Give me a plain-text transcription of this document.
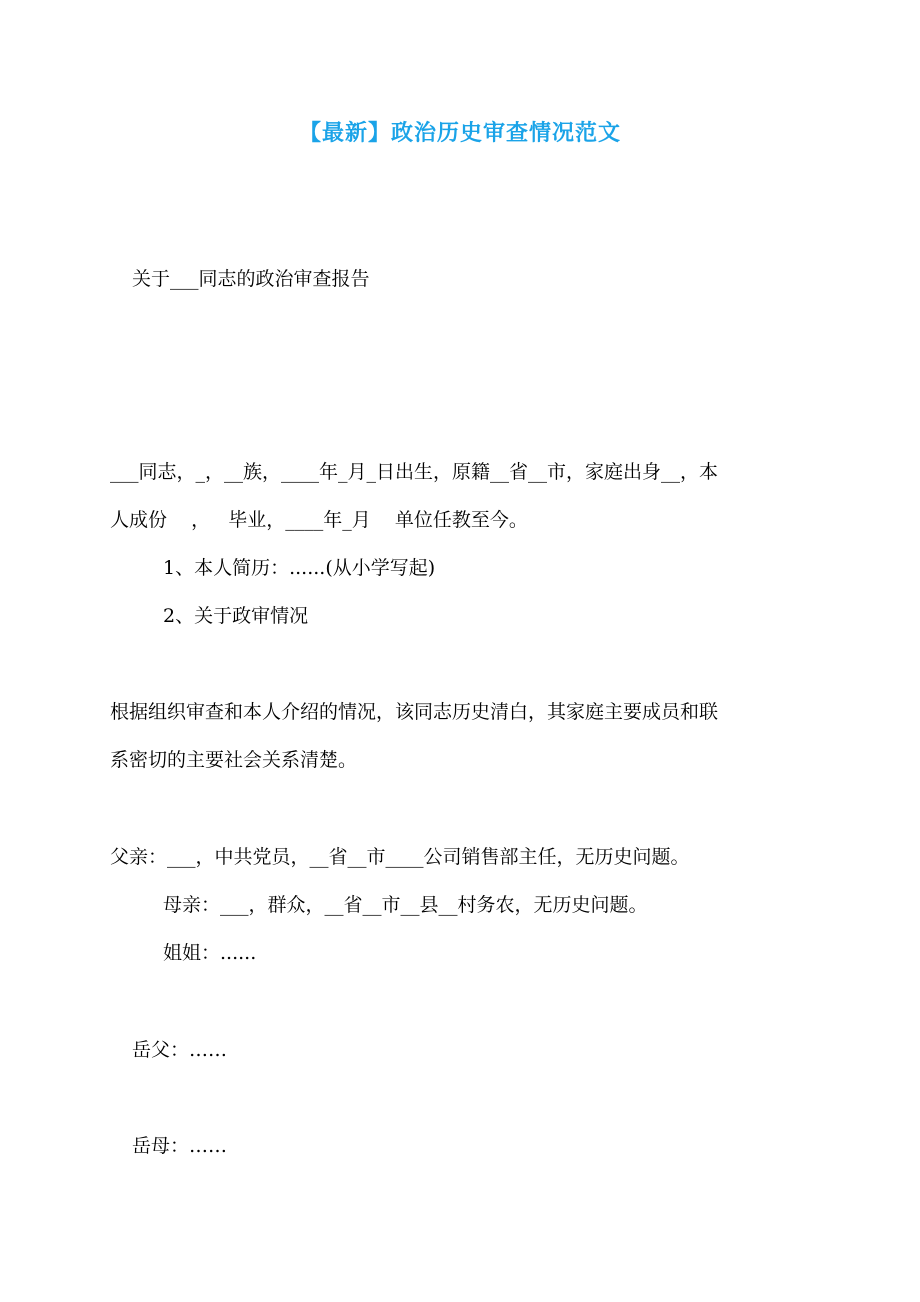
【最新】政治历史审查情况范文
关于___同志的政治审查报告
___同志，_，__族，____年_月_日出生，原籍__省__市，家庭出身__，本
人成份    ，   毕业，____年_月    单位任教至今。
1、本人简历：......(从小学写起)
2、关于政审情况
根据组织审查和本人介绍的情况，该同志历史清白，其家庭主要成员和联
系密切的主要社会关系清楚。
父亲：___，中共党员，__省__市____公司销售部主任，无历史问题。
母亲：___，群众，__省__市__县__村务农，无历史问题。
姐姐：......
岳父：……
岳母：……
